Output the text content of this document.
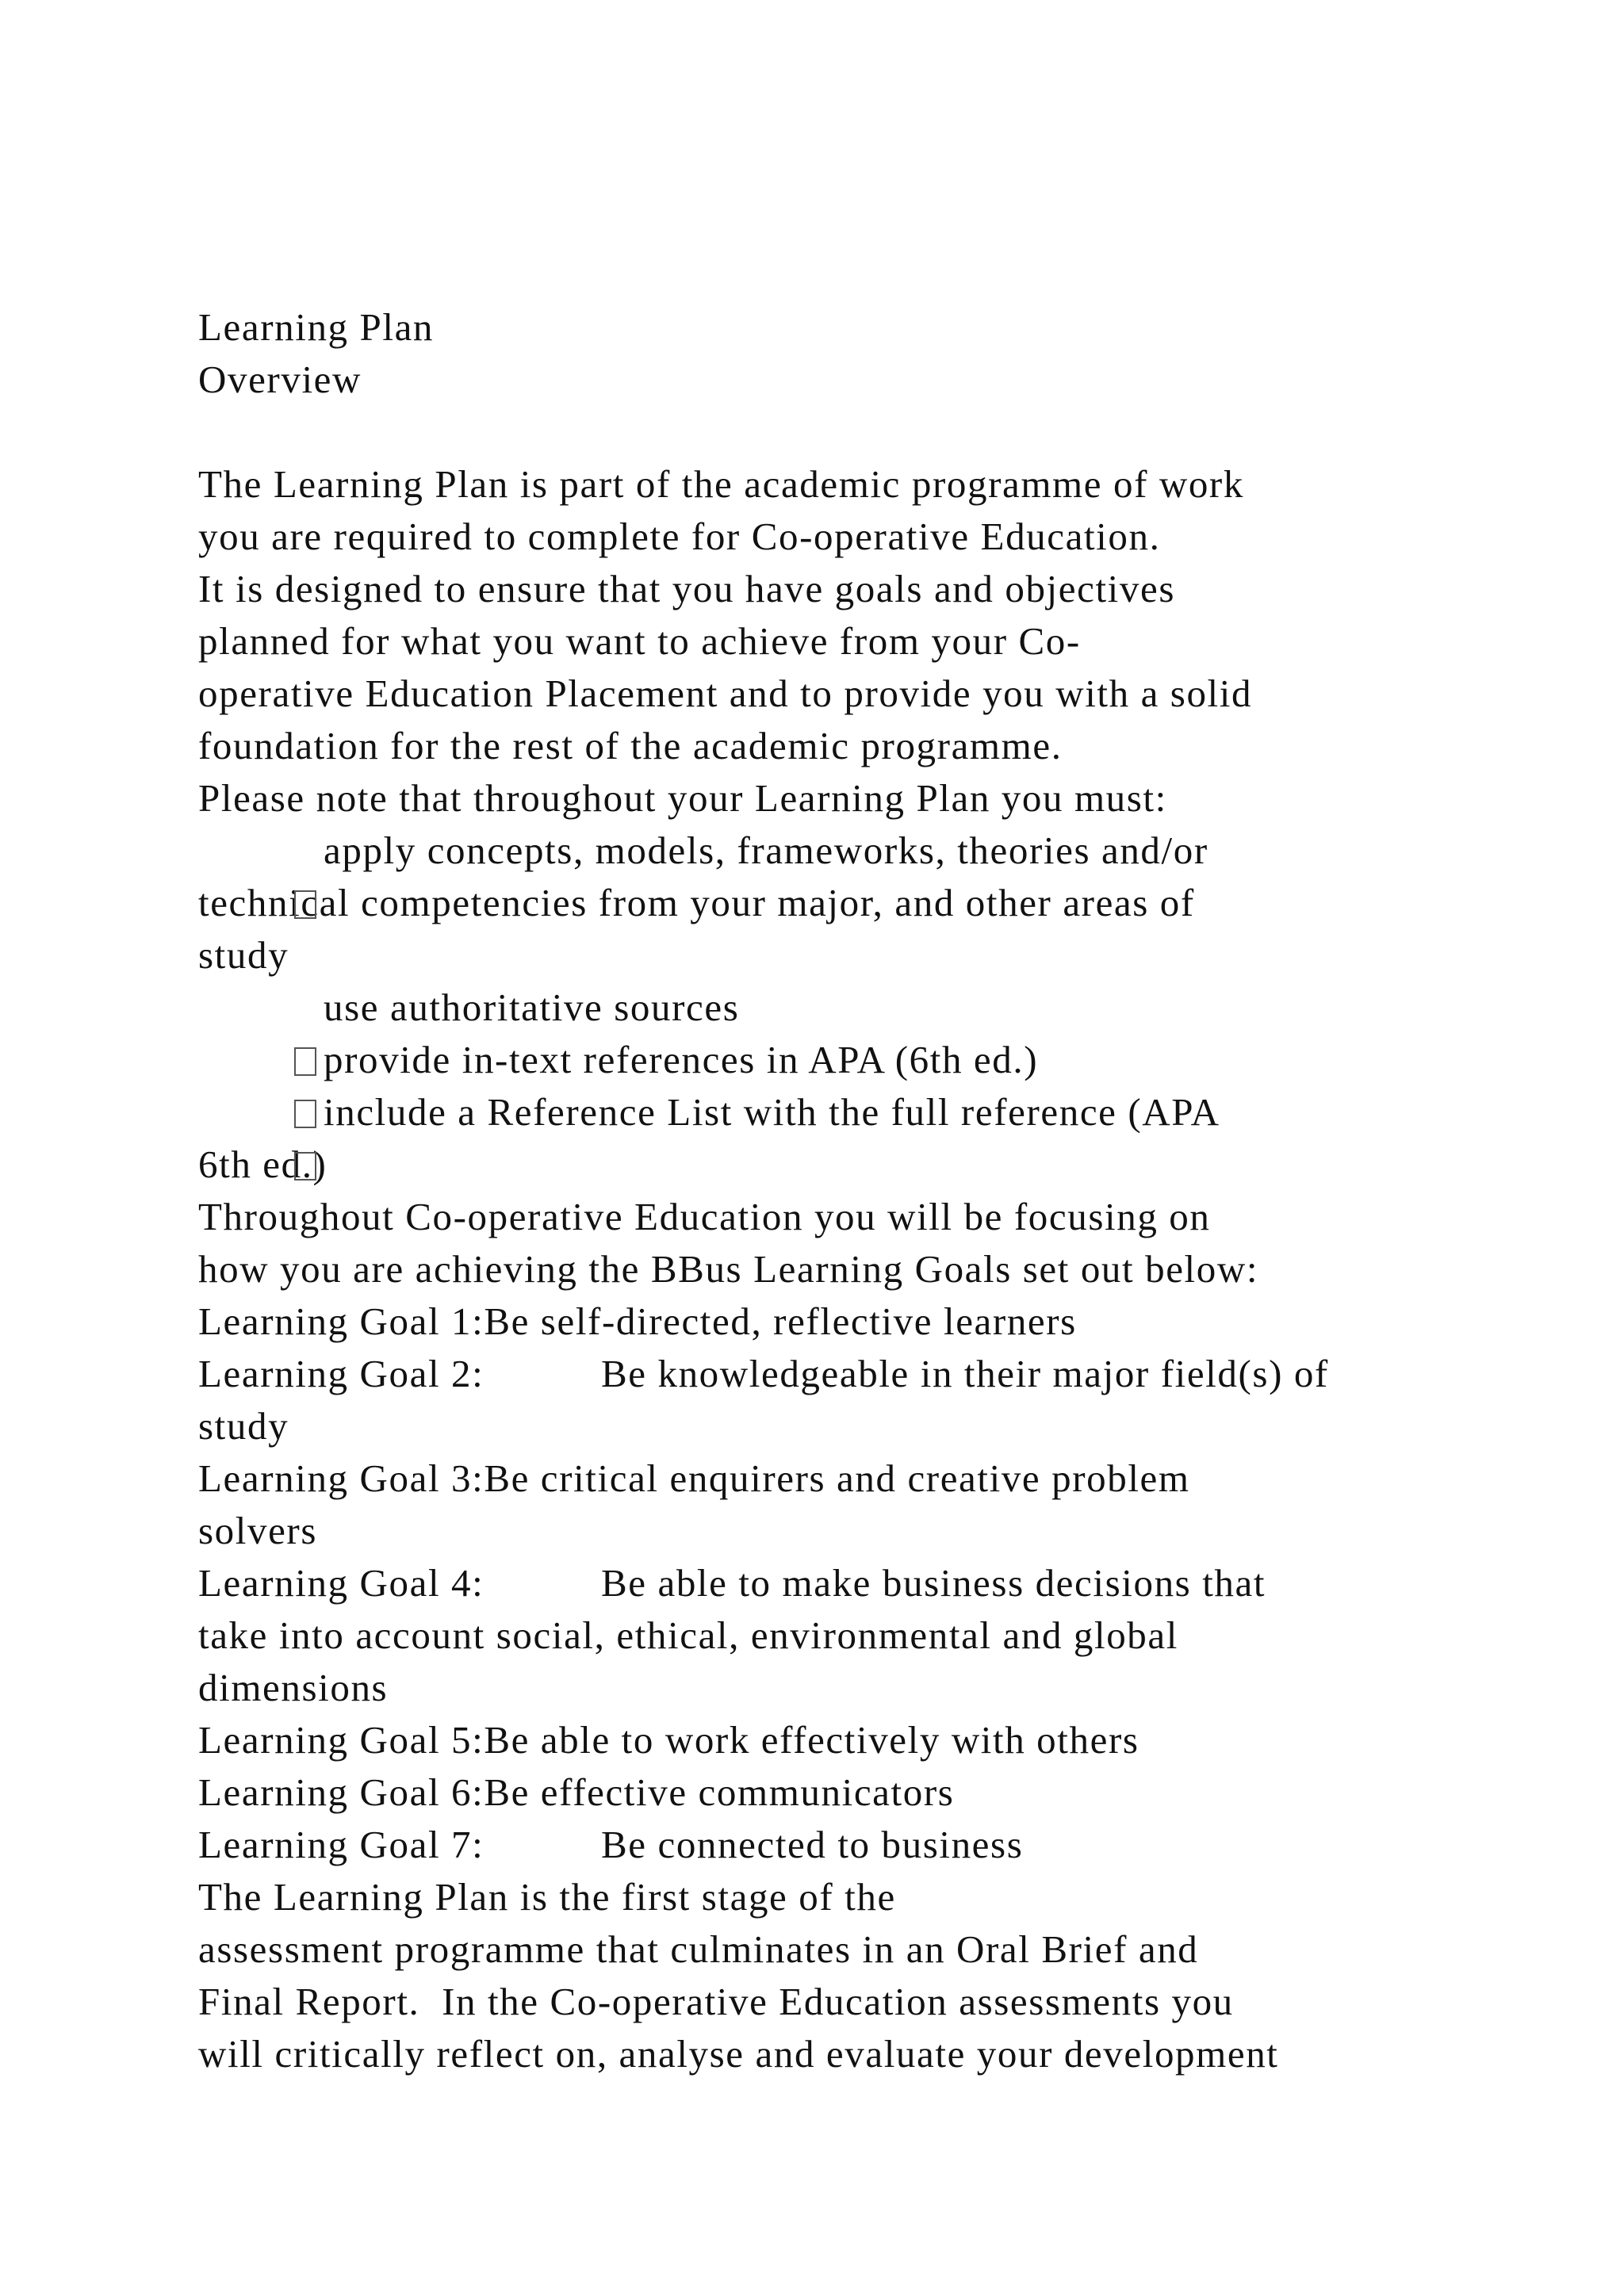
Learning Plan
Overview
The Learning Plan is part of the academic programme of work
you are required to complete for Co-operative Education.
It is designed to ensure that you have goals and objectives
planned for what you want to achieve from your Co-
operative Education Placement and to provide you with a solid
foundation for the rest of the academic programme.
Please note that throughout your Learning Plan you must:

apply concepts, models, frameworks, theories and/or

technical competencies from your major, and other areas of
study

use authoritative sources

provide in-text references in APA (6th ed.)

include a Reference List with the full reference (APA

6th ed.)
Throughout Co-operative Education you will be focusing on
how you are achieving the BBus Learning Goals set out below:
Learning Goal 1:Be self-directed, reflective learners

Learning Goal 2:

	Be knowledgeable in their major field(s) of

study
Learning Goal 3:Be critical enquirers and creative problem
solvers

Learning Goal 4:

	Be able to make business decisions that

take into account social, ethical, environmental and global
dimensions
Learning Goal 5:Be able to work effectively with others
Learning Goal 6:Be effective communicators

Learning Goal 7:

	Be connected to business

The Learning Plan is the first stage of the
assessment programme that culminates in an Oral Brief and
Final Report.  In the Co-operative Education assessments you
will critically reflect on, analyse and evaluate your development
